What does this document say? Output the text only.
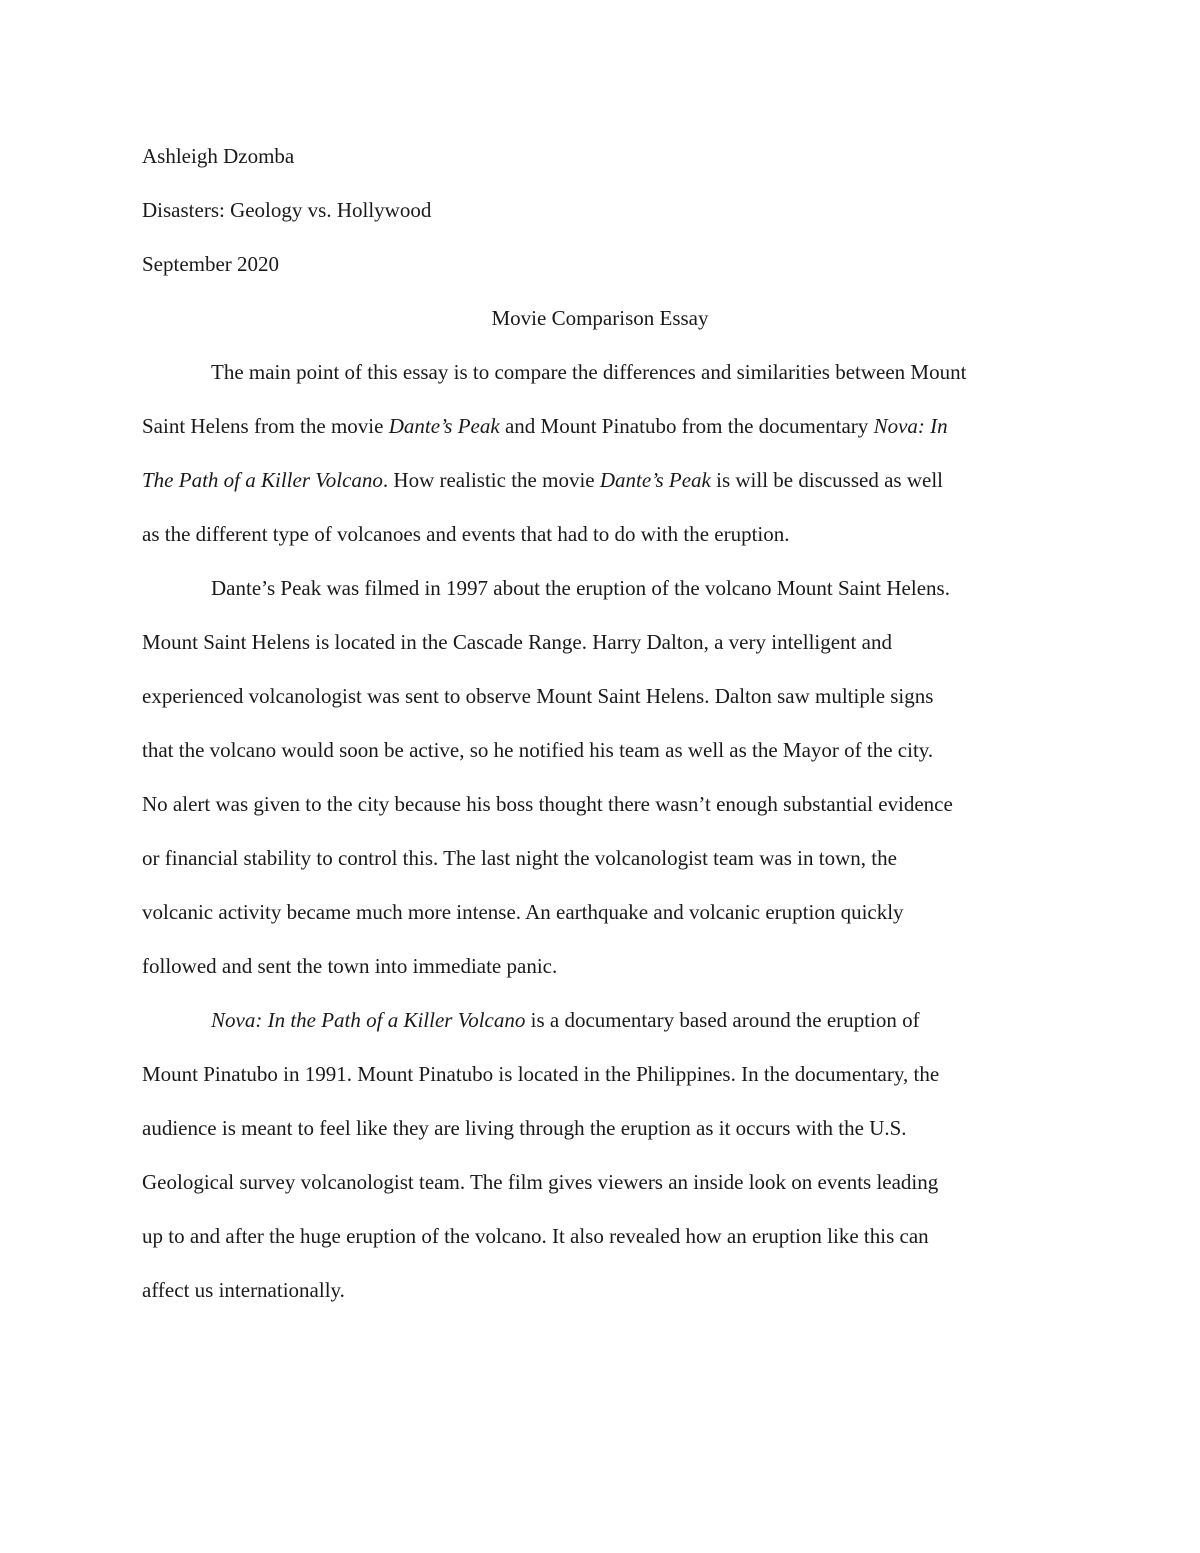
Ashleigh Dzomba
Disasters: Geology vs. Hollywood
September 2020
Movie Comparison Essay
The main point of this essay is to compare the differences and similarities between Mount
Saint Helens from the movie Dante’s Peak and Mount Pinatubo from the documentary Nova: In
The Path of a Killer Volcano. How realistic the movie Dante’s Peak is will be discussed as well
as the different type of volcanoes and events that had to do with the eruption.
Dante’s Peak was filmed in 1997 about the eruption of the volcano Mount Saint Helens.
Mount Saint Helens is located in the Cascade Range. Harry Dalton, a very intelligent and
experienced volcanologist was sent to observe Mount Saint Helens. Dalton saw multiple signs
that the volcano would soon be active, so he notified his team as well as the Mayor of the city.
No alert was given to the city because his boss thought there wasn’t enough substantial evidence
or financial stability to control this. The last night the volcanologist team was in town, the
volcanic activity became much more intense. An earthquake and volcanic eruption quickly
followed and sent the town into immediate panic.
Nova: In the Path of a Killer Volcano is a documentary based around the eruption of
Mount Pinatubo in 1991. Mount Pinatubo is located in the Philippines. In the documentary, the
audience is meant to feel like they are living through the eruption as it occurs with the U.S.
Geological survey volcanologist team. The film gives viewers an inside look on events leading
up to and after the huge eruption of the volcano. It also revealed how an eruption like this can
affect us internationally.
